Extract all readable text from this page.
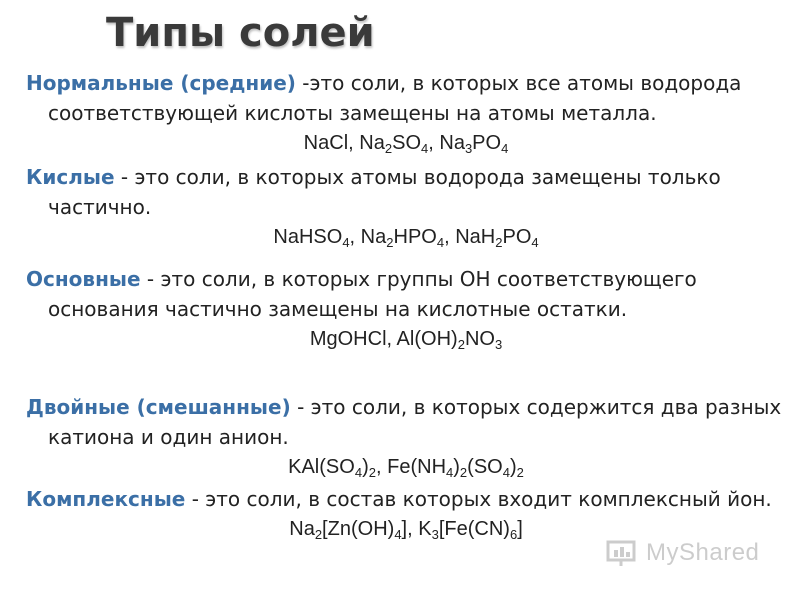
Типы солей

Нормальные (средние) -это соли, в которых все атомы водорода соответствующей кислоты замещены на атомы металла.

NaCl, $Na_2SO_4$, $Na_3PO_4$

Кислые - это соли, в которых атомы водорода замещены только частично.

NaHSO$_4$, $Na_2HPO_4$, $NaH_2PO_4$

Основные - это соли, в которых группы ОН соответствующего основания частично замещены на кислотные остатки.

MgOHCl, $Al(OH)_2NO_3$

Двойные (смешанные) - это соли, в которых содержится два разных катиона и один анион.

$KAl(SO_4)_2$, $Fe(NH_4)_2(SO_4)_2$

Комплексные - это соли, в состав которых входит комплексный йон.

$Na_2[Zn(OH)_4]$, $K_3[Fe(CN)_6]$

MyShared
